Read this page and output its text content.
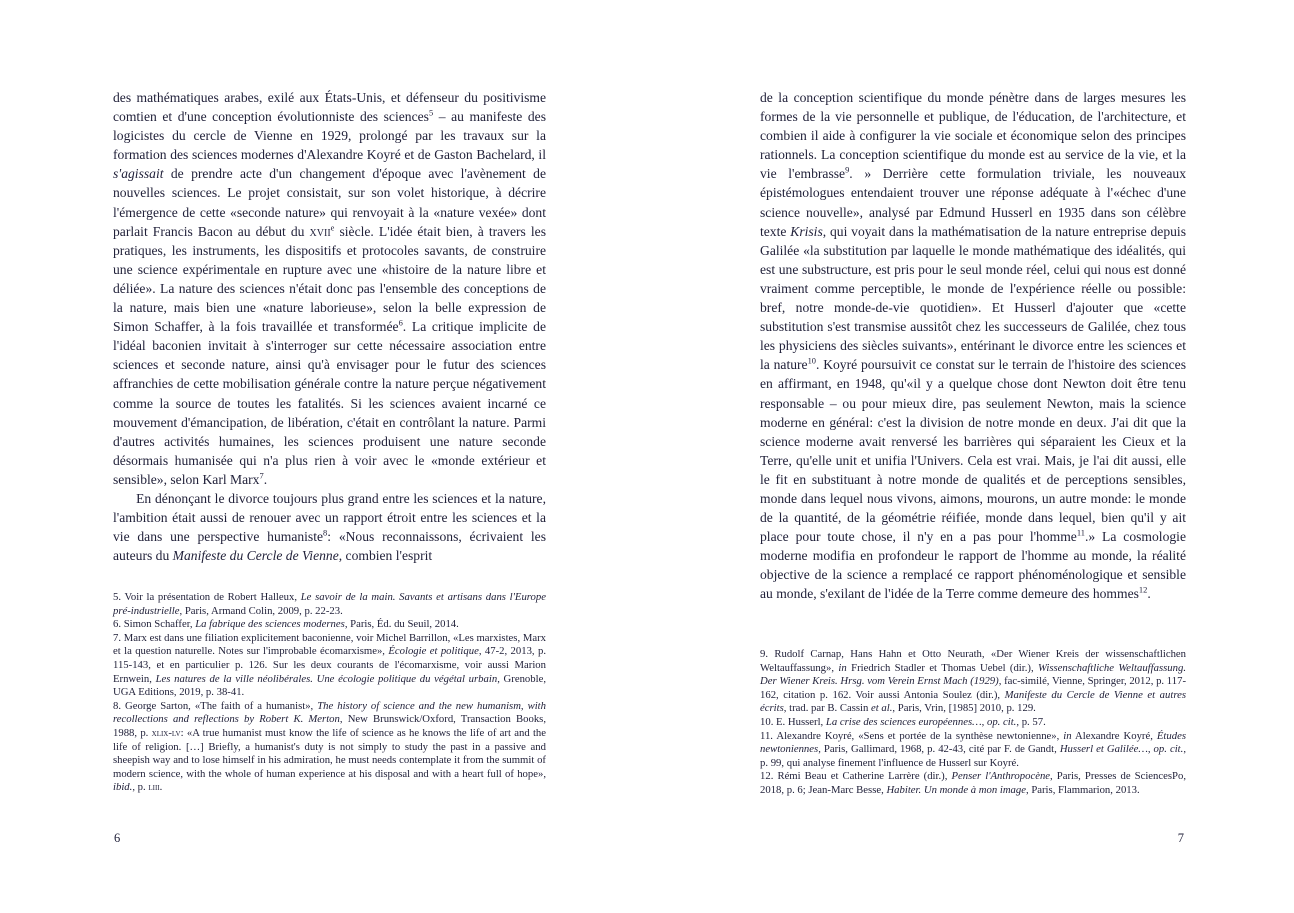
des mathématiques arabes, exilé aux États-Unis, et défenseur du positivisme comtien et d'une conception évolutionniste des sciences$^5$ – au manifeste des logicistes du cercle de Vienne en 1929, prolongé par les travaux sur la formation des sciences modernes d'Alexandre Koyré et de Gaston Bachelard, il s'agissait de prendre acte d'un changement d'époque avec l'avènement de nouvelles sciences. Le projet consistait, sur son volet historique, à décrire l'émergence de cette «seconde nature» qui renvoyait à la «nature vexée» dont parlait Francis Bacon au début du xvii$^e$ siècle. L'idée était bien, à travers les pratiques, les instruments, les dispositifs et protocoles savants, de construire une science expérimentale en rupture avec une «histoire de la nature libre et déliée». La nature des sciences n'était donc pas l'ensemble des conceptions de la nature, mais bien une «nature laborieuse», selon la belle expression de Simon Schaffer, à la fois travaillée et transformée$^6$. La critique implicite de l'idéal baconien invitait à s'interroger sur cette nécessaire association entre sciences et seconde nature, ainsi qu'à envisager pour le futur des sciences affranchies de cette mobilisation générale contre la nature perçue négativement comme la source de toutes les fatalités. Si les sciences avaient incarné ce mouvement d'émancipation, de libération, c'était en contrôlant la nature. Parmi d'autres activités humaines, les sciences produisent une nature seconde désormais humanisée qui n'a plus rien à voir avec le «monde extérieur et sensible», selon Karl Marx$^7$.

En dénonçant le divorce toujours plus grand entre les sciences et la nature, l'ambition était aussi de renouer avec un rapport étroit entre les sciences et la vie dans une perspective humaniste$^8$: «Nous reconnaissons, écrivaient les auteurs du Manifeste du Cercle de Vienne, combien l'esprit

5. Voir la présentation de Robert Halleux, Le savoir de la main. Savants et artisans dans l'Europe pré-industrielle, Paris, Armand Colin, 2009, p. 22-23.

6. Simon Schaffer, La fabrique des sciences modernes, Paris, Éd. du Seuil, 2014.

7. Marx est dans une filiation explicitement baconienne, voir Michel Barrillon, «Les marxistes, Marx et la question naturelle. Notes sur l'improbable écomarxisme», Écologie et politique, 47-2, 2013, p. 115-143, et en particulier p. 126. Sur les deux courants de l'écomarxisme, voir aussi Marion Ernwein, Les natures de la ville néolibérales. Une écologie politique du végétal urbain, Grenoble, UGA Editions, 2019, p. 38-41.

8. George Sarton, «The faith of a humanist», The history of science and the new humanism, with recollections and reflections by Robert K. Merton, New Brunswick/Oxford, Transaction Books, 1988, p. xlix-lv: «A true humanist must know the life of science as he knows the life of art and the life of religion. […] Briefly, a humanist's duty is not simply to study the past in a passive and sheepish way and to lose himself in his admiration, he must needs contemplate it from the summit of modern science, with the whole of human experience at his disposal and with a heart full of hope», ibid., p. liii.

6

de la conception scientifique du monde pénètre dans de larges mesures les formes de la vie personnelle et publique, de l'éducation, de l'architecture, et combien il aide à configurer la vie sociale et économique selon des principes rationnels. La conception scientifique du monde est au service de la vie, et la vie l'embrasse$^9$. » Derrière cette formulation triviale, les nouveaux épistémologues entendaient trouver une réponse adéquate à l'«échec d'une science nouvelle», analysé par Edmund Husserl en 1935 dans son célèbre texte Krisis, qui voyait dans la mathématisation de la nature entreprise depuis Galilée «la substitution par laquelle le monde mathématique des idéalités, qui est une substructure, est pris pour le seul monde réel, celui qui nous est donné vraiment comme perceptible, le monde de l'expérience réelle ou possible: bref, notre monde-de-vie quotidien». Et Husserl d'ajouter que «cette substitution s'est transmise aussitôt chez les successeurs de Galilée, chez tous les physiciens des siècles suivants», entérinant le divorce entre les sciences et la nature$^{10}$. Koyré poursuivit ce constat sur le terrain de l'histoire des sciences en affirmant, en 1948, qu'«il y a quelque chose dont Newton doit être tenu responsable – ou pour mieux dire, pas seulement Newton, mais la science moderne en général: c'est la division de notre monde en deux. J'ai dit que la science moderne avait renversé les barrières qui séparaient les Cieux et la Terre, qu'elle unit et unifia l'Univers. Cela est vrai. Mais, je l'ai dit aussi, elle le fit en substituant à notre monde de qualités et de perceptions sensibles, monde dans lequel nous vivons, aimons, mourons, un autre monde: le monde de la quantité, de la géométrie réifiée, monde dans lequel, bien qu'il y ait place pour toute chose, il n'y en a pas pour l'homme$^{11}$.» La cosmologie moderne modifia en profondeur le rapport de l'homme au monde, la réalité objective de la science a remplacé ce rapport phénoménologique et sensible au monde, s'exilant de l'idée de la Terre comme demeure des hommes$^{12}$.

9. Rudolf Carnap, Hans Hahn et Otto Neurath, «Der Wiener Kreis der wissenschaftlichen Weltauffassung», in Friedrich Stadler et Thomas Uebel (dir.), Wissenschaftliche Weltauffassung. Der Wiener Kreis. Hrsg. vom Verein Ernst Mach (1929), fac-similé, Vienne, Springer, 2012, p. 117-162, citation p. 162. Voir aussi Antonia Soulez (dir.), Manifeste du Cercle de Vienne et autres écrits, trad. par B. Cassin et al., Paris, Vrin, [1985] 2010, p. 129.

10. E. Husserl, La crise des sciences européennes…, op. cit., p. 57.

11. Alexandre Koyré, «Sens et portée de la synthèse newtonienne», in Alexandre Koyré, Études newtoniennes, Paris, Gallimard, 1968, p. 42-43, cité par F. de Gandt, Husserl et Galilée…, op. cit., p. 99, qui analyse finement l'influence de Husserl sur Koyré.

12. Rémi Beau et Catherine Larrère (dir.), Penser l'Anthropocène, Paris, Presses de SciencesPo, 2018, p. 6; Jean-Marc Besse, Habiter. Un monde à mon image, Paris, Flammarion, 2013.

7
